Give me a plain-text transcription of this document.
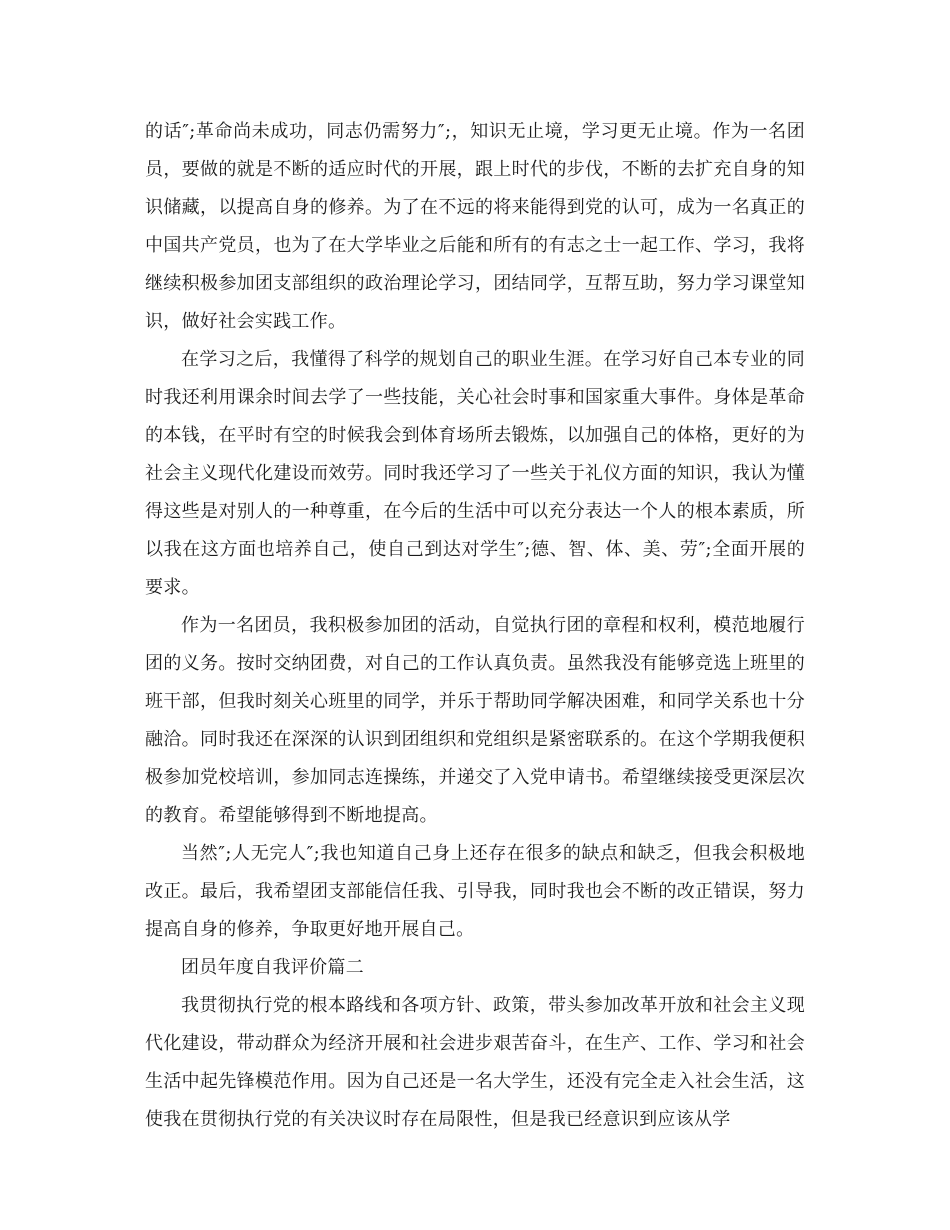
的话″;革命尚未成功，同志仍需努力″;，知识无止境，学习更无止境。作为一名团员，要做的就是不断的适应时代的开展，跟上时代的步伐，不断的去扩充自身的知识储藏，以提高自身的修养。为了在不远的将来能得到党的认可，成为一名真正的中国共产党员，也为了在大学毕业之后能和所有的有志之士一起工作、学习，我将继续积极参加团支部组织的政治理论学习，团结同学，互帮互助，努力学习课堂知识，做好社会实践工作。

在学习之后，我懂得了科学的规划自己的职业生涯。在学习好自己本专业的同时我还利用课余时间去学了一些技能，关心社会时事和国家重大事件。身体是革命的本钱，在平时有空的时候我会到体育场所去锻炼，以加强自己的体格，更好的为社会主义现代化建设而效劳。同时我还学习了一些关于礼仪方面的知识，我认为懂得这些是对别人的一种尊重，在今后的生活中可以充分表达一个人的根本素质，所以我在这方面也培养自己，使自己到达对学生″;德、智、体、美、劳″;全面开展的要求。

作为一名团员，我积极参加团的活动，自觉执行团的章程和权利，模范地履行团的义务。按时交纳团费，对自己的工作认真负责。虽然我没有能够竞选上班里的班干部，但我时刻关心班里的同学，并乐于帮助同学解决困难，和同学关系也十分融洽。同时我还在深深的认识到团组织和党组织是紧密联系的。在这个学期我便积极参加党校培训，参加同志连操练，并递交了入党申请书。希望继续接受更深层次的教育。希望能够得到不断地提高。

当然″;人无完人″;我也知道自己身上还存在很多的缺点和缺乏，但我会积极地改正。最后，我希望团支部能信任我、引导我，同时我也会不断的改正错误，努力提高自身的修养，争取更好地开展自己。

团员年度自我评价篇二

我贯彻执行党的根本路线和各项方针、政策，带头参加改革开放和社会主义现代化建设，带动群众为经济开展和社会进步艰苦奋斗，在生产、工作、学习和社会生活中起先锋模范作用。因为自己还是一名大学生，还没有完全走入社会生活，这使我在贯彻执行党的有关决议时存在局限性，但是我已经意识到应该从学
